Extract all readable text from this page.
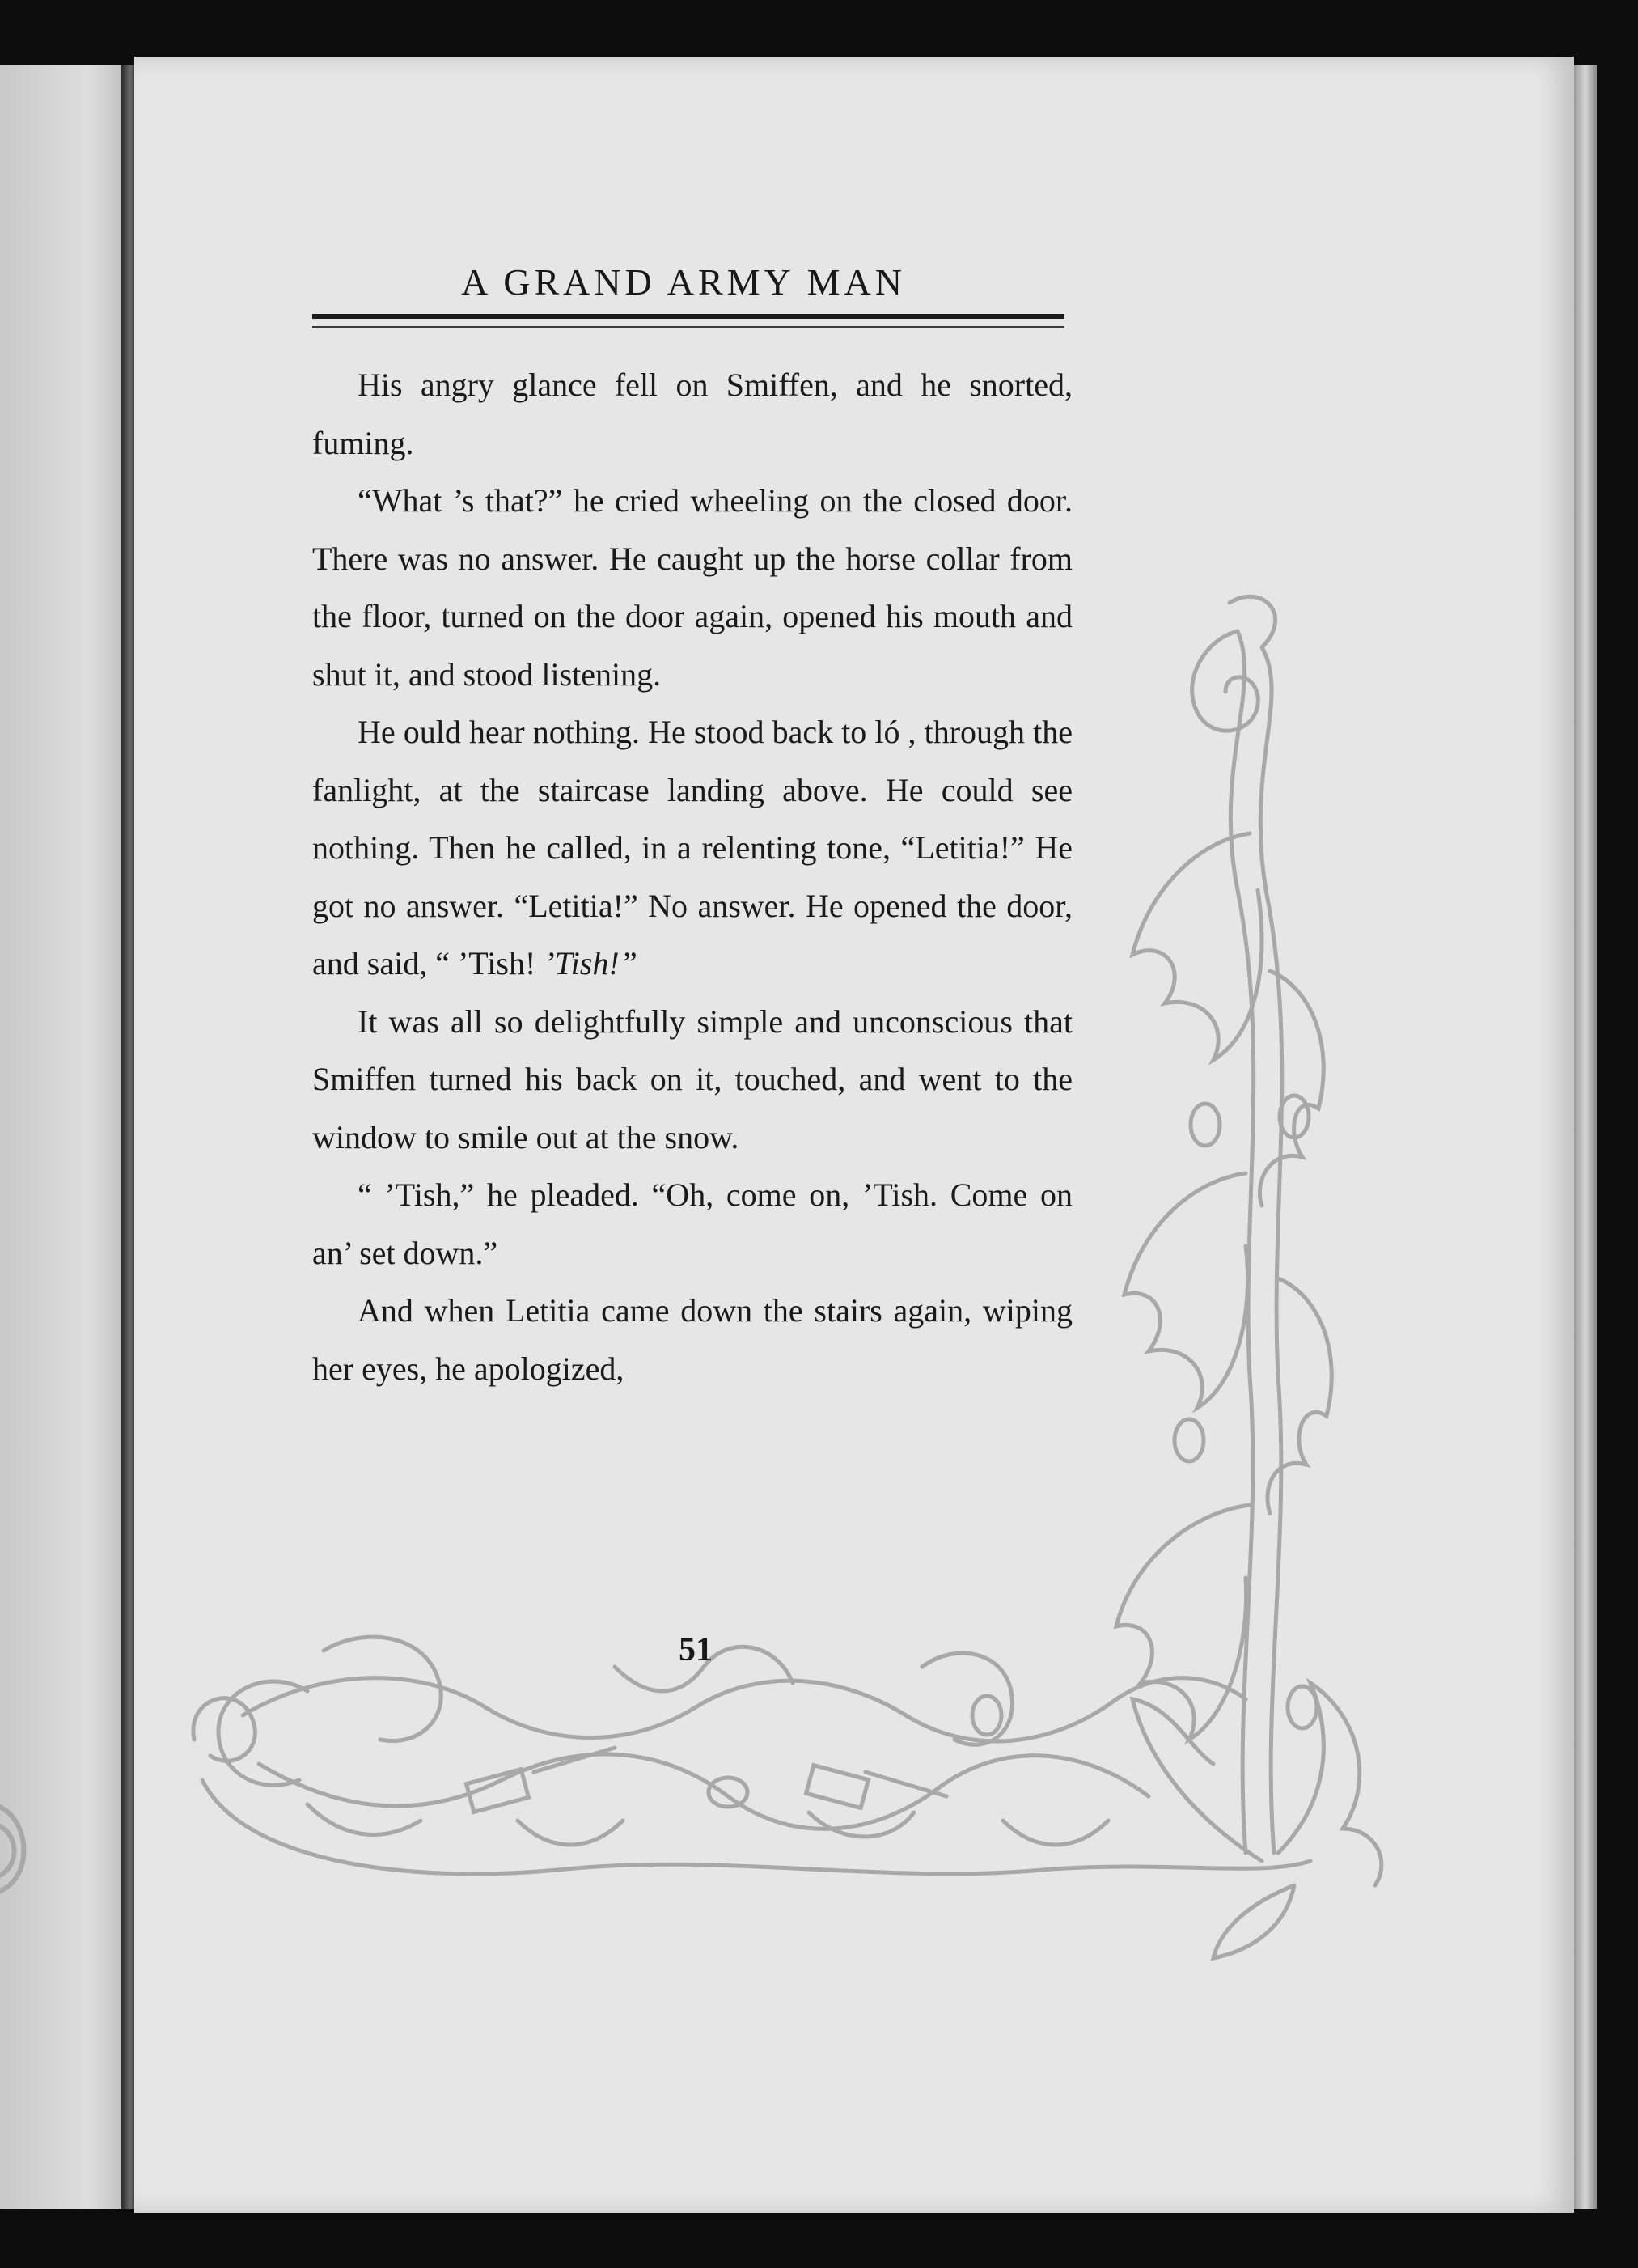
A GRAND ARMY MAN

His angry glance fell on Smiffen, and he snorted, fuming.

“What ’s that?” he cried wheeling on the closed door. There was no answer. He caught up the horse collar from the floor, turned on the door again, opened his mouth and shut it, and stood listening.

He ould hear nothing. He stood back to ló , through the fanlight, at the staircase landing above. He could see nothing. Then he called, in a relenting tone, “Letitia!” He got no answer. “Letitia!” No answer. He opened the door, and said, “ ’Tish! ’Tish!”

It was all so delightfully simple and unconscious that Smiffen turned his back on it, touched, and went to the window to smile out at the snow.

“ ’Tish,” he pleaded. “Oh, come on, ’Tish. Come on an’ set down.”

And when Letitia came down the stairs again, wiping her eyes, he apologized,

51
